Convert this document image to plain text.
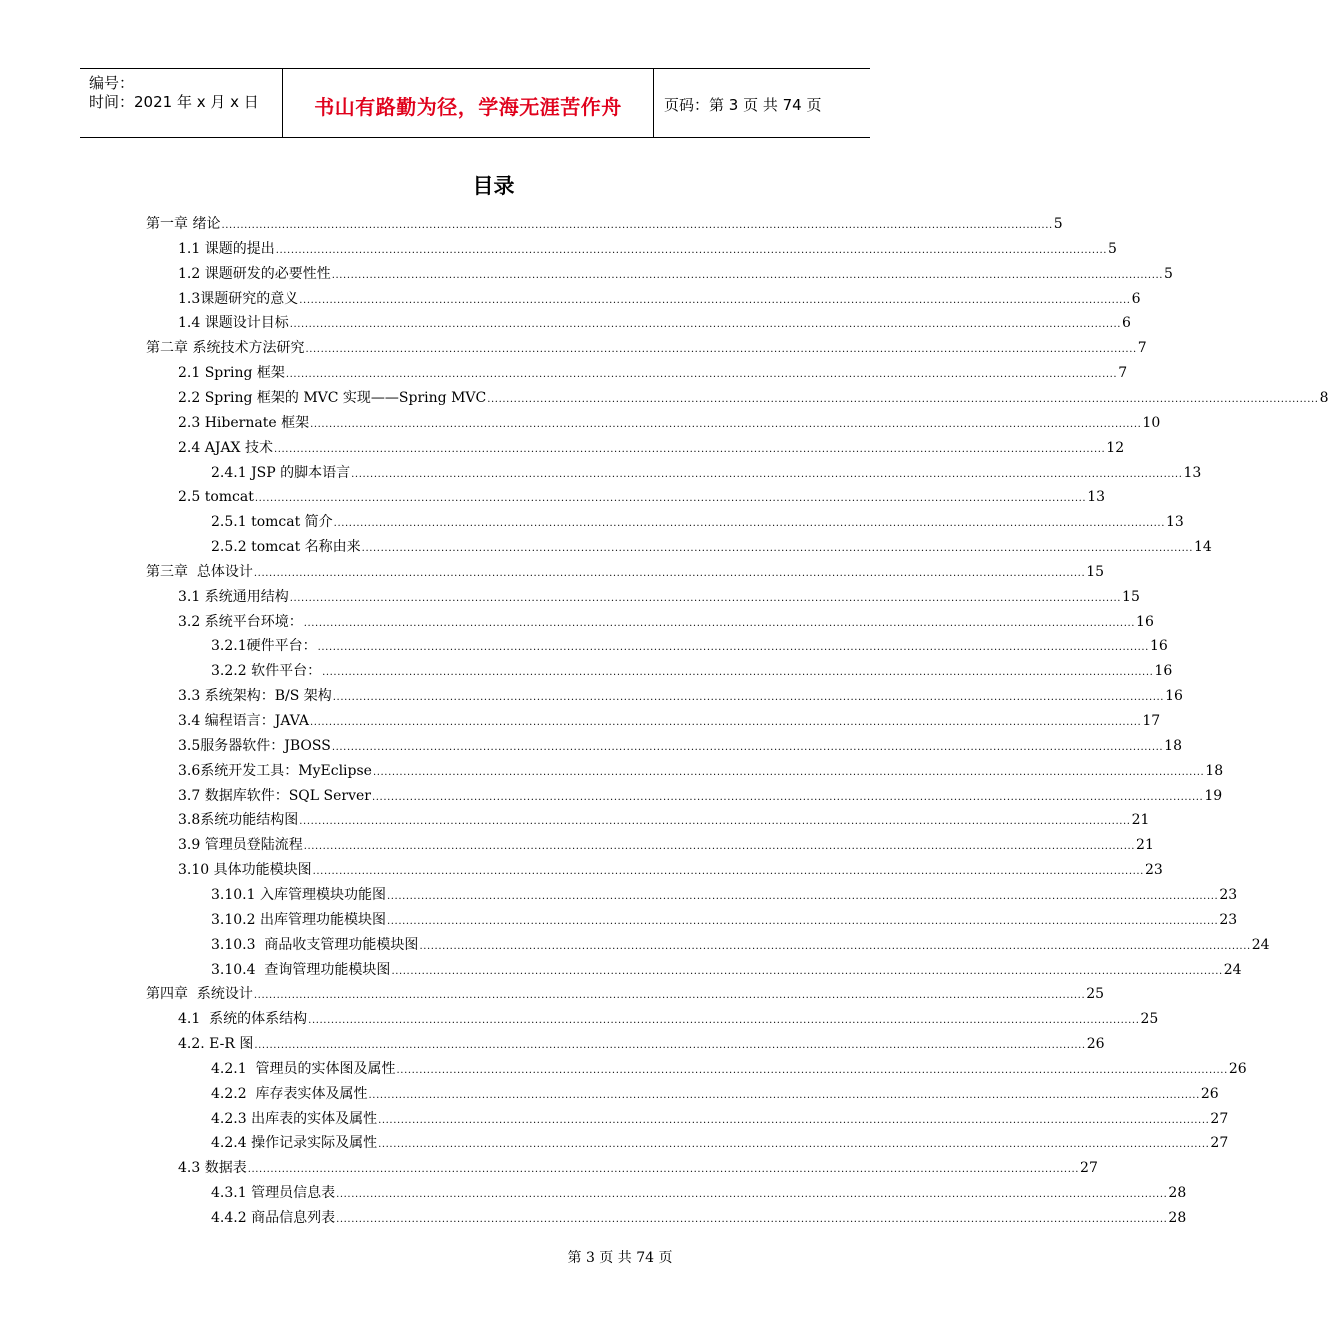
编号：
时间：2021 年 x 月 x 日	书山有路勤为径，学海无涯苦作舟	页码：第 3 页 共 74 页
目录
第一章 绪论 ............................................................................................................................................................................................................................ 5
1.1 课题的提出 ............................................................................................................................................................................................................................ 5
1.2 课题研发的必要性性 ............................................................................................................................................................................................................................ 5
1.3课题研究的意义 ............................................................................................................................................................................................................................ 6
1.4 课题设计目标 ............................................................................................................................................................................................................................ 6
第二章 系统技术方法研究 ............................................................................................................................................................................................................................ 7
2.1 Spring 框架 ............................................................................................................................................................................................................................ 7
2.2 Spring 框架的 MVC 实现——Spring MVC ............................................................................................................................................................................................................................ 8
2.3 Hibernate 框架 ............................................................................................................................................................................................................................ 10
2.4 AJAX 技术 ............................................................................................................................................................................................................................ 12
2.4.1 JSP 的脚本语言 ............................................................................................................................................................................................................................ 13
2.5 tomcat ............................................................................................................................................................................................................................ 13
2.5.1 tomcat 简介 ............................................................................................................................................................................................................................ 13
2.5.2 tomcat 名称由来 ............................................................................................................................................................................................................................ 14
第三章  总体设计 ............................................................................................................................................................................................................................ 15
3.1 系统通用结构 ............................................................................................................................................................................................................................ 15
3.2 系统平台环境： ............................................................................................................................................................................................................................ 16
3.2.1硬件平台： ............................................................................................................................................................................................................................ 16
3.2.2 软件平台： ............................................................................................................................................................................................................................ 16
3.3 系统架构：B/S 架构 ............................................................................................................................................................................................................................ 16
3.4 编程语言：JAVA ............................................................................................................................................................................................................................ 17
3.5服务器软件：JBOSS ............................................................................................................................................................................................................................ 18
3.6系统开发工具：MyEclipse ............................................................................................................................................................................................................................ 18
3.7 数据库软件：SQL Server ............................................................................................................................................................................................................................ 19
3.8系统功能结构图 ............................................................................................................................................................................................................................ 21
3.9 管理员登陆流程 ............................................................................................................................................................................................................................ 21
3.10 具体功能模块图 ............................................................................................................................................................................................................................ 23
3.10.1 入库管理模块功能图 ............................................................................................................................................................................................................................ 23
3.10.2 出库管理功能模块图 ............................................................................................................................................................................................................................ 23
3.10.3  商品收支管理功能模块图 ............................................................................................................................................................................................................................ 24
3.10.4  查询管理功能模块图 ............................................................................................................................................................................................................................ 24
第四章  系统设计 ............................................................................................................................................................................................................................ 25
4.1  系统的体系结构 ............................................................................................................................................................................................................................ 25
4.2. E-R 图 ............................................................................................................................................................................................................................ 26
4.2.1  管理员的实体图及属性 ............................................................................................................................................................................................................................ 26
4.2.2  库存表实体及属性 ............................................................................................................................................................................................................................ 26
4.2.3 出库表的实体及属性 ............................................................................................................................................................................................................................ 27
4.2.4 操作记录实际及属性 ............................................................................................................................................................................................................................ 27
4.3 数据表 ............................................................................................................................................................................................................................ 27
4.3.1 管理员信息表 ............................................................................................................................................................................................................................ 28
4.4.2 商品信息列表 ............................................................................................................................................................................................................................ 28
第 3 页 共 74 页
